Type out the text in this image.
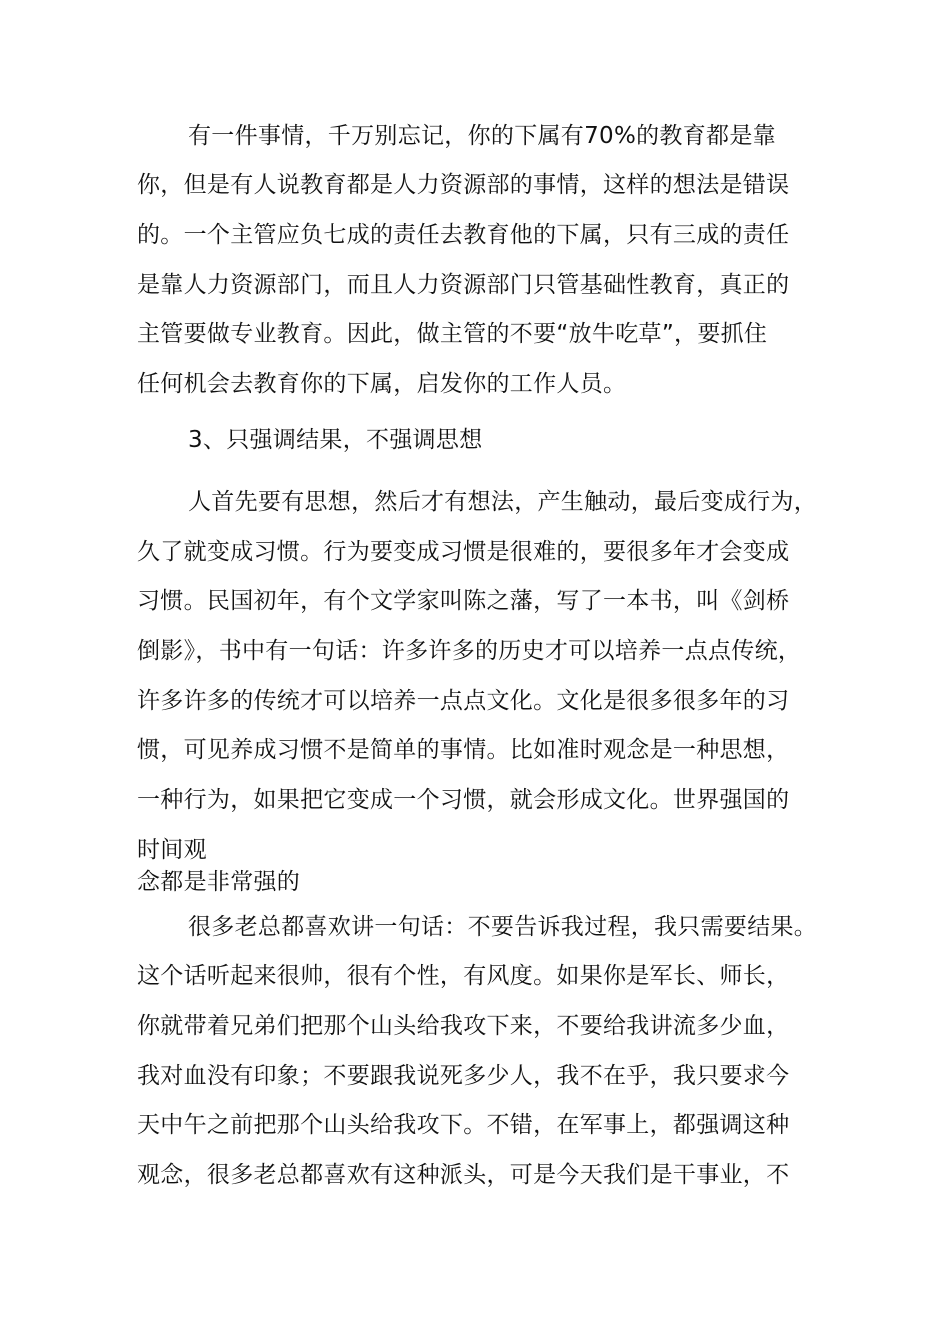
有一件事情，千万别忘记，你的下属有70%的教育都是靠
你，但是有人说教育都是人力资源部的事情，这样的想法是错误
的。一个主管应负七成的责任去教育他的下属，只有三成的责任
是靠人力资源部门，而且人力资源部门只管基础性教育，真正的
主管要做专业教育。因此，做主管的不要“放牛吃草”，要抓住
任何机会去教育你的下属，启发你的工作人员。
3、只强调结果，不强调思想
人首先要有思想，然后才有想法，产生触动，最后变成行为，
久了就变成习惯。行为要变成习惯是很难的，要很多年才会变成
习惯。民国初年，有个文学家叫陈之藩，写了一本书，叫《剑桥
倒影》，书中有一句话：许多许多的历史才可以培养一点点传统，
许多许多的传统才可以培养一点点文化。文化是很多很多年的习
惯，可见养成习惯不是简单的事情。比如准时观念是一种思想，
一种行为，如果把它变成一个习惯，就会形成文化。世界强国的
时间观
念都是非常强的
很多老总都喜欢讲一句话：不要告诉我过程，我只需要结果。
这个话听起来很帅，很有个性，有风度。如果你是军长、师长，
你就带着兄弟们把那个山头给我攻下来，不要给我讲流多少血，
我对血没有印象；不要跟我说死多少人，我不在乎，我只要求今
天中午之前把那个山头给我攻下。不错，在军事上，都强调这种
观念，很多老总都喜欢有这种派头，可是今天我们是干事业，不
